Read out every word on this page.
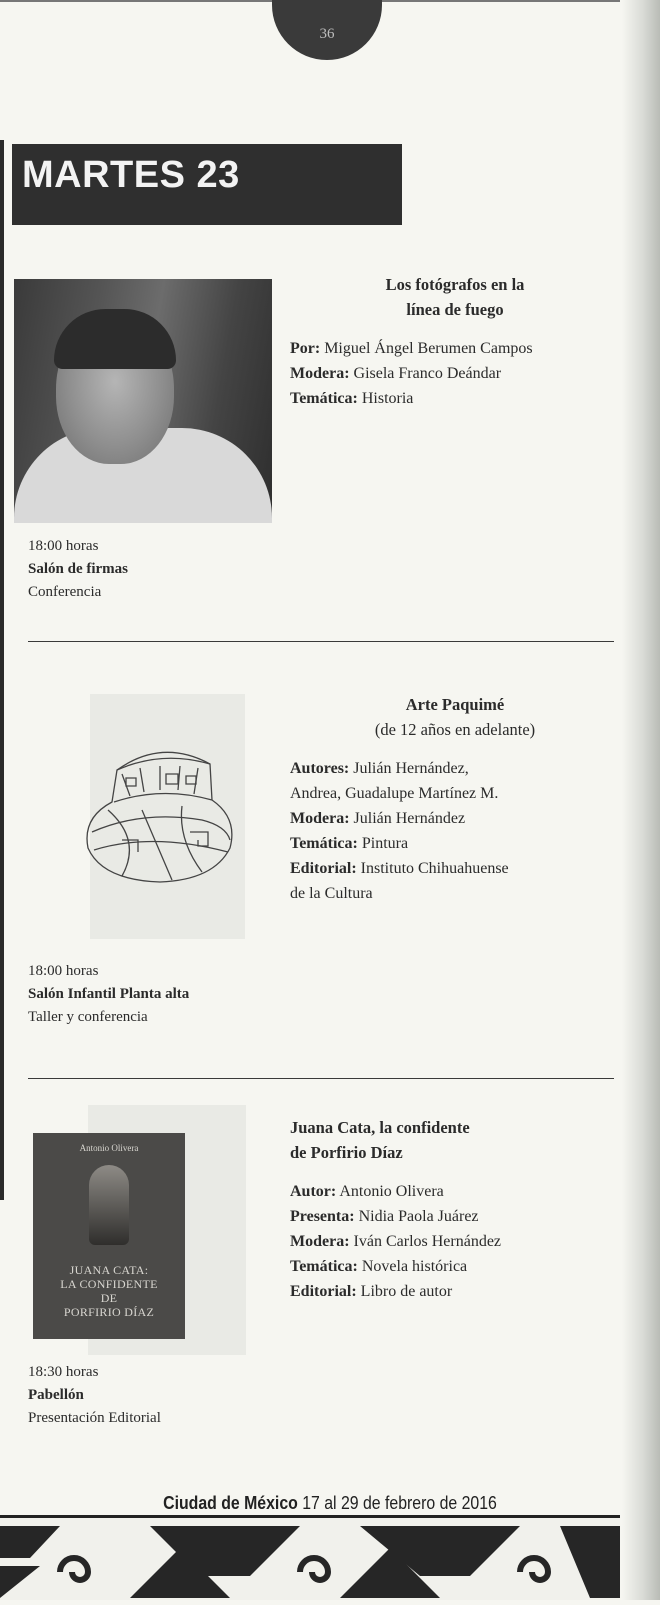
36
MARTES 23
Los fotógrafos en la
línea de fuego
Por: Miguel Ángel Berumen Campos
Modera: Gisela Franco Deándar
Temática: Historia
18:00 horas
Salón de firmas
Conferencia
Arte Paquimé
(de 12 años en adelante)
Autores: Julián Hernández,
Andrea, Guadalupe Martínez M.
Modera: Julián Hernández
Temática: Pintura
Editorial: Instituto Chihuahuense
de la Cultura
18:00 horas
Salón Infantil Planta alta
Taller y conferencia
Antonio Olivera
JUANA CATA:
LA CONFIDENTE
DE
PORFIRIO DÍAZ
Juana Cata, la confidente
de Porfirio Díaz
Autor: Antonio Olivera
Presenta: Nidia Paola Juárez
Modera: Iván Carlos Hernández
Temática: Novela histórica
Editorial: Libro de autor
18:30 horas
Pabellón
Presentación Editorial
Ciudad de México 17 al 29 de febrero de 2016
